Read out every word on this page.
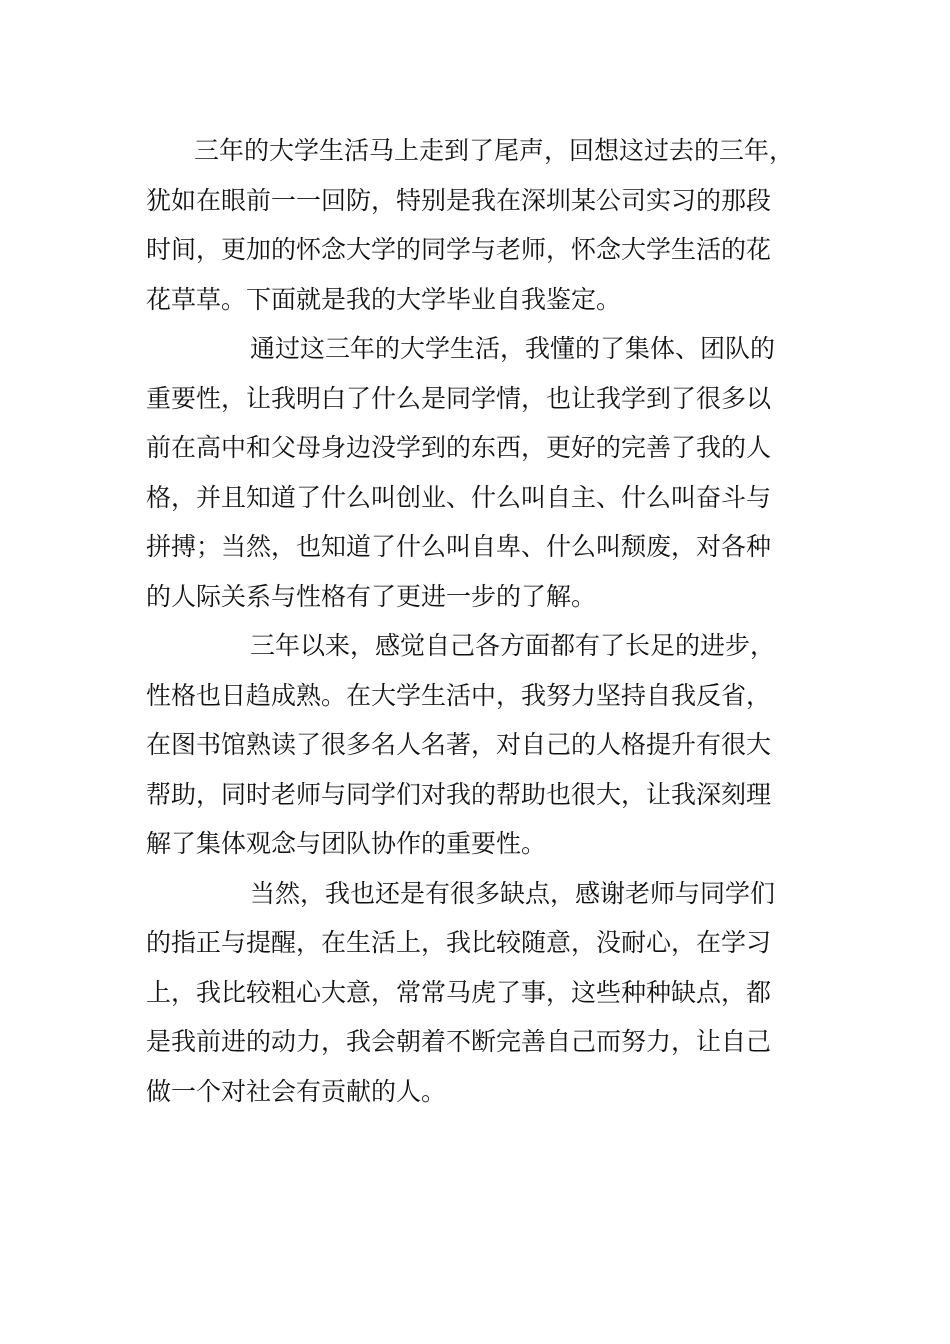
三年的大学生活马上走到了尾声，回想这过去的三年，
犹如在眼前一一回防，特别是我在深圳某公司实习的那段
时间，更加的怀念大学的同学与老师，怀念大学生活的花
花草草。下面就是我的大学毕业自我鉴定。

通过这三年的大学生活，我懂的了集体、团队的
重要性，让我明白了什么是同学情，也让我学到了很多以
前在高中和父母身边没学到的东西，更好的完善了我的人
格，并且知道了什么叫创业、什么叫自主、什么叫奋斗与
拼搏；当然，也知道了什么叫自卑、什么叫颓废，对各种
的人际关系与性格有了更进一步的了解。

三年以来，感觉自己各方面都有了长足的进步，
性格也日趋成熟。在大学生活中，我努力坚持自我反省，
在图书馆熟读了很多名人名著，对自己的人格提升有很大
帮助，同时老师与同学们对我的帮助也很大，让我深刻理
解了集体观念与团队协作的重要性。

当然，我也还是有很多缺点，感谢老师与同学们
的指正与提醒，在生活上，我比较随意，没耐心，在学习
上，我比较粗心大意，常常马虎了事，这些种种缺点，都
是我前进的动力，我会朝着不断完善自己而努力，让自己
做一个对社会有贡献的人。
